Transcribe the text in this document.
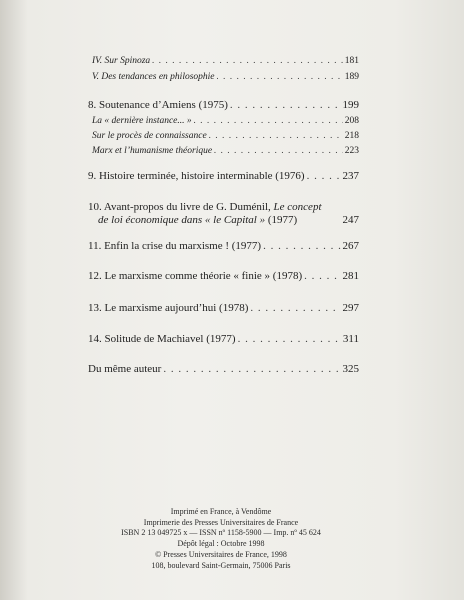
IV. Sur Spinoza . . .	181
V. Des tendances en philosophie . . .	189
8. Soutenance d’Amiens (1975) . . .	199
La « dernière instance... » . . .	208
Sur le procès de connaissance . . .	218
Marx et l’humanisme théorique . . .	223
9. Histoire terminée, histoire interminable (1976) . . .	237
10. Avant-propos du livre de G. Duménil, Le concept
de loi économique dans « le Capital » (1977)	247
11. Enfin la crise du marxisme ! (1977) . . .	267
12. Le marxisme comme théorie « finie » (1978) . . .	281
13. Le marxisme aujourd’hui (1978) . . .	297
14. Solitude de Machiavel (1977) . . .	311
Du même auteur . . .	325
Imprimé en France, à Vendôme
Imprimerie des Presses Universitaires de France
ISBN 2 13 049725 x — ISSN nº 1158-5900 — Imp. nº 45 624
Dépôt légal : Octobre 1998
© Presses Universitaires de France, 1998
108, boulevard Saint-Germain, 75006 Paris
